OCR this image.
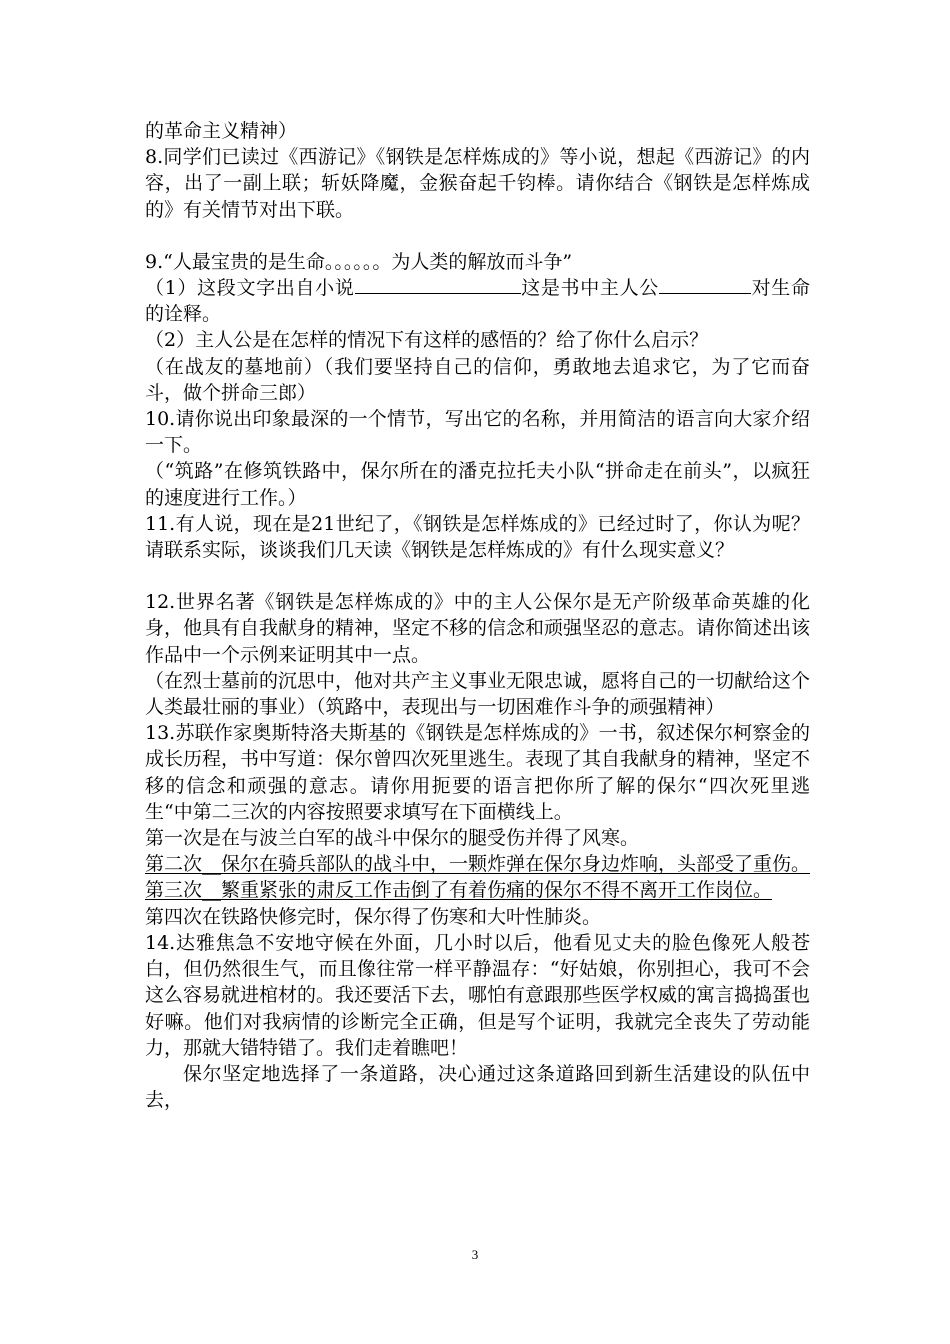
的革命主义精神）

8.同学们已读过《西游记》《钢铁是怎样炼成的》等小说，想起《西游记》的内容，出了一副上联；斩妖降魔，金猴奋起千钧棒。请你结合《钢铁是怎样炼成的》有关情节对出下联。

9.“人最宝贵的是生命。。。。。。为人类的解放而斗争”

（1）这段文字出自小说	这是书中主人公	对生命的诠释。

（2）主人公是在怎样的情况下有这样的感悟的？给了你什么启示？

（在战友的墓地前）（我们要坚持自己的信仰，勇敢地去追求它，为了它而奋斗，做个拼命三郎）

10.请你说出印象最深的一个情节，写出它的名称，并用简洁的语言向大家介绍一下。

（“筑路”在修筑铁路中，保尔所在的潘克拉托夫小队“拼命走在前头”，以疯狂的速度进行工作。）

11.有人说，现在是21世纪了，《钢铁是怎样炼成的》已经过时了，你认为呢？请联系实际，谈谈我们几天读《钢铁是怎样炼成的》有什么现实意义？

12.世界名著《钢铁是怎样炼成的》中的主人公保尔是无产阶级革命英雄的化身，他具有自我献身的精神，坚定不移的信念和顽强坚忍的意志。请你简述出该作品中一个示例来证明其中一点。

（在烈士墓前的沉思中，他对共产主义事业无限忠诚，愿将自己的一切献给这个人类最壮丽的事业）（筑路中，表现出与一切困难作斗争的顽强精神）

13.苏联作家奥斯特洛夫斯基的《钢铁是怎样炼成的》一书，叙述保尔柯察金的成长历程，书中写道：保尔曾四次死里逃生。表现了其自我献身的精神，坚定不移的信念和顽强的意志。请你用扼要的语言把你所了解的保尔“四次死里逃生“中第二三次的内容按照要求填写在下面横线上。

第一次是在与波兰白军的战斗中保尔的腿受伤并得了风寒。

第二次__保尔在骑兵部队的战斗中，一颗炸弹在保尔身边炸响，头部受了重伤。

第三次__繁重紧张的肃反工作击倒了有着伤痛的保尔不得不离开工作岗位。

第四次在铁路快修完时，保尔得了伤寒和大叶性肺炎。

14.达雅焦急不安地守候在外面，几小时以后，他看见丈夫的脸色像死人般苍白，但仍然很生气，而且像往常一样平静温存：“好姑娘，你别担心，我可不会这么容易就进棺材的。我还要活下去，哪怕有意跟那些医学权威的寓言捣捣蛋也好嘛。他们对我病情的诊断完全正确，但是写个证明，我就完全丧失了劳动能力，那就大错特错了。我们走着瞧吧！

保尔坚定地选择了一条道路，决心通过这条道路回到新生活建设的队伍中去，

3
